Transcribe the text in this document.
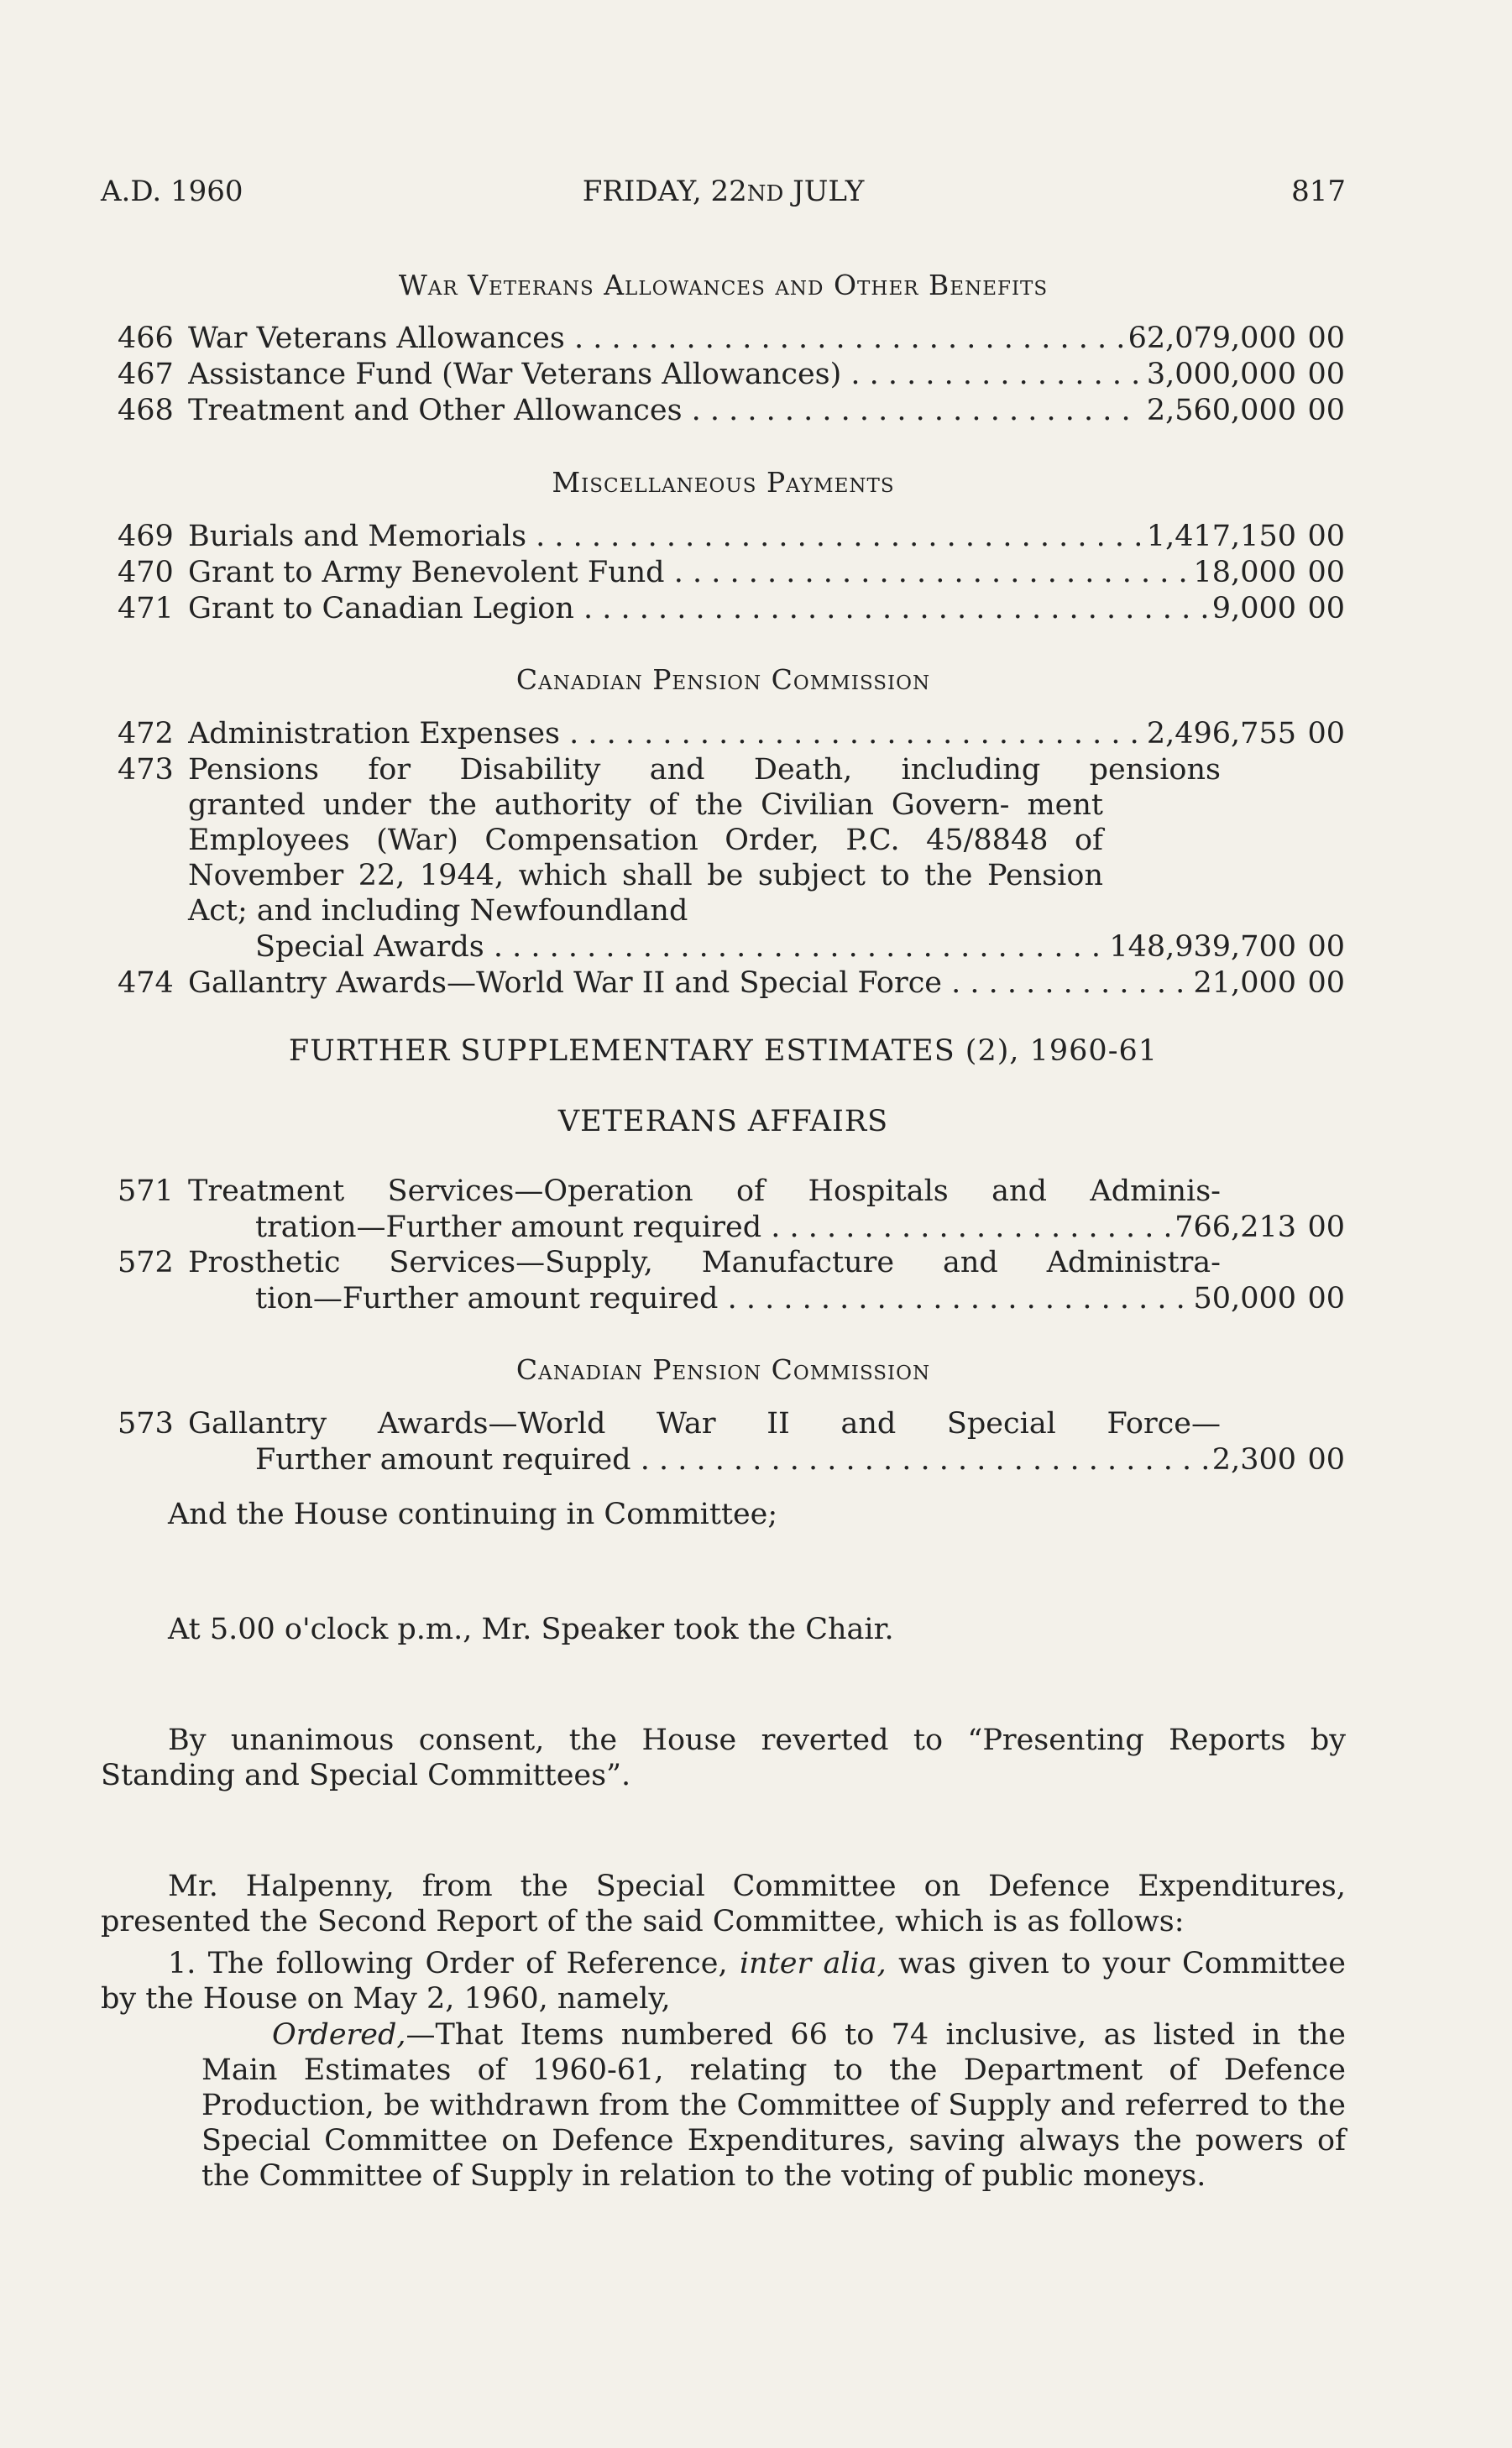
A.D. 1960	FRIDAY, 22ND JULY	817
War Veterans Allowances and Other Benefits
466 War Veterans Allowances . . .	62,079,000 00
467 Assistance Fund (War Veterans Allowances) . . .	3,000,000 00
468 Treatment and Other Allowances . . .	2,560,000 00
Miscellaneous Payments
469 Burials and Memorials . . .	1,417,150 00
470 Grant to Army Benevolent Fund . . .	18,000 00
471 Grant to Canadian Legion . . .	9,000 00
Canadian Pension Commission
472 Administration Expenses . . .	2,496,755 00
473 Pensions for Disability and Death, including pensions
granted under the authority of the Civilian Govern- ment Employees (War) Compensation Order, P.C. 45/8848 of November 22, 1944, which shall be subject to the Pension Act; and including Newfoundland
Special Awards . . .	148,939,700 00
474 Gallantry Awards—World War II and Special Force . . .	21,000 00
FURTHER SUPPLEMENTARY ESTIMATES (2), 1960-61
VETERANS AFFAIRS
571 Treatment Services—Operation of Hospitals and Adminis-
tration—Further amount required . . .	766,213 00
572 Prosthetic Services—Supply, Manufacture and Administra-
tion—Further amount required . . .	50,000 00
Canadian Pension Commission
573 Gallantry Awards—World War II and Special Force—
Further amount required . . .	2,300 00
And the House continuing in Committee;
At 5.00 o'clock p.m., Mr. Speaker took the Chair.
By unanimous consent, the House reverted to “Presenting Reports by Standing and Special Committees”.
Mr. Halpenny, from the Special Committee on Defence Expenditures, presented the Second Report of the said Committee, which is as follows:
1. The following Order of Reference, inter alia, was given to your Committee by the House on May 2, 1960, namely,
Ordered,—That Items numbered 66 to 74 inclusive, as listed in the Main Estimates of 1960-61, relating to the Department of Defence Production, be withdrawn from the Committee of Supply and referred to the Special Committee on Defence Expenditures, saving always the powers of the Committee of Supply in relation to the voting of public moneys.
